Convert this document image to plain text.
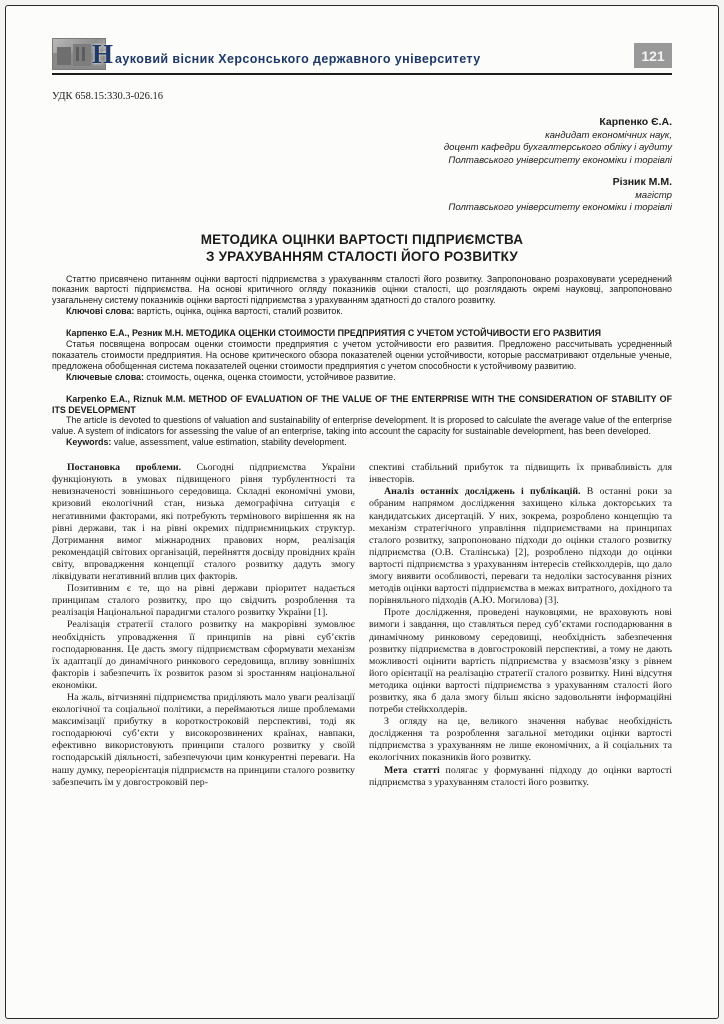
Н ауковий вісник Херсонського державного університету	121
УДК 658.15:330.3-026.16
Карпенко Є.А.
кандидат економічних наук,
доцент кафедри бухгалтерського обліку і аудиту
Полтавського університету економіки і торгівлі
Різник М.М.
магістр
Полтавського університету економіки і торгівлі
МЕТОДИКА ОЦІНКИ ВАРТОСТІ ПІДПРИЄМСТВА
З УРАХУВАННЯМ СТАЛОСТІ ЙОГО РОЗВИТКУ

Статтю присвячено питанням оцінки вартості підприємства з урахуванням сталості його розвитку. Запропоновано розраховувати усереднений показник вартості підприємства. На основі критичного огляду показників оцінки сталості, що розглядають окремі науковці, запропоновано узагальнену систему показників оцінки вартості підприємства з урахуванням здатності до сталого розвитку.

Ключові слова: вартість, оцінка, оцінка вартості, сталий розвиток.

Карпенко Е.А., Резник М.Н. МЕТОДИКА ОЦЕНКИ СТОИМОСТИ ПРЕДПРИЯТИЯ С УЧЕТОМ УСТОЙЧИВОСТИ ЕГО РАЗВИТИЯ

Статья посвящена вопросам оценки стоимости предприятия с учетом устойчивости его развития. Предложено рассчитывать усредненный показатель стоимости предприятия. На основе критического обзора показателей оценки устойчивости, которые рассматривают отдельные ученые, предложена обобщенная система показателей оценки стоимости предприятия с учетом способности к устойчивому развитию.

Ключевые слова: стоимость, оценка, оценка стоимости, устойчивое развитие.

Karpenko E.A., Riznuk M.M. METHOD OF EVALUATION OF THE VALUE OF THE ENTERPRISE WITH THE CONSIDERATION OF STABILITY OF ITS DEVELOPMENT

The article is devoted to questions of valuation and sustainability of enterprise development. It is proposed to calculate the average value of the enterprise value. A system of indicators for assessing the value of an enterprise, taking into account the capacity for sustainable development, has been developed.

Keywords: value, assessment, value estimation, stability development.

Постановка проблеми. Сьогодні підприємства України функціонують в умовах підвищеного рівня турбулентності та невизначеності зовнішнього середовища. Складні економічні умови, кризовий екологічний стан, низька демографічна ситуація є негативними факторами, які потребують термінового вирішення як на рівні держави, так і на рівні окремих підприємницьких структур. Дотримання вимог міжнародних правових норм, реалізація рекомендацій світових організацій, перейняття досвіду провідних країн світу, впровадження концепції сталого розвитку дадуть змогу ліквідувати негативний вплив цих факторів.

Позитивним є те, що на рівні держави пріоритет надається принципам сталого розвитку, про що свідчить розроблення та реалізація Національної парадигми сталого розвитку України [1].

Реалізація стратегії сталого розвитку на макрорівні зумовлює необхідність упровадження її принципів на рівні суб’єктів господарювання. Це дасть змогу підприємствам сформувати механізм їх адаптації до динамічного ринкового середовища, впливу зовнішніх факторів і забезпечить їх розвиток разом зі зростанням національної економіки.

На жаль, вітчизняні підприємства приділяють мало уваги реалізації екологічної та соціальної політики, а переймаються лише проблемами максимізації прибутку в короткостроковій перспективі, тоді як господарюючі суб’єкти у високорозвинених країнах, навпаки, ефективно використовують принципи сталого розвитку у своїй господарській діяльності, забезпечуючи цим конкурентні переваги. На нашу думку, переорієнтація підприємств на принципи сталого розвитку забезпечить їм у довгостроковій пер-

спективі стабільний прибуток та підвищить їх привабливість для інвесторів.

Аналіз останніх досліджень і публікацій. В останні роки за обраним напрямом дослідження захищено кілька докторських та кандидатських дисертацій. У них, зокрема, розроблено концепцію та механізм стратегічного управління підприємствами на принципах сталого розвитку, запропоновано підходи до оцінки сталого розвитку підприємства (О.В. Сталінська) [2], розроблено підходи до оцінки вартості підприємства з урахуванням інтересів стейкхолдерів, що дало змогу виявити особливості, переваги та недоліки застосування різних методів оцінки вартості підприємства в межах витратного, дохідного та порівняльного підходів (А.Ю. Могилова) [3].

Проте дослідження, проведені науковцями, не враховують нові вимоги і завдання, що ставляться перед суб’єктами господарювання в динамічному ринковому середовищі, необхідність забезпечення розвитку підприємства в довгостроковій перспективі, а тому не дають можливості оцінити вартість підприємства у взаємозв’язку з рівнем його орієнтації на реалізацію стратегії сталого розвитку. Нині відсутня методика оцінки вартості підприємства з урахуванням сталості його розвитку, яка б дала змогу більш якісно задовольняти інформаційні потреби стейкхолдерів.

З огляду на це, великого значення набуває необхідність дослідження та розроблення загальної методики оцінки вартості підприємства з урахуванням не лише економічних, а й соціальних та екологічних показників його розвитку.

Мета статті полягає у формуванні підходу до оцінки вартості підприємства з урахуванням сталості його розвитку.
